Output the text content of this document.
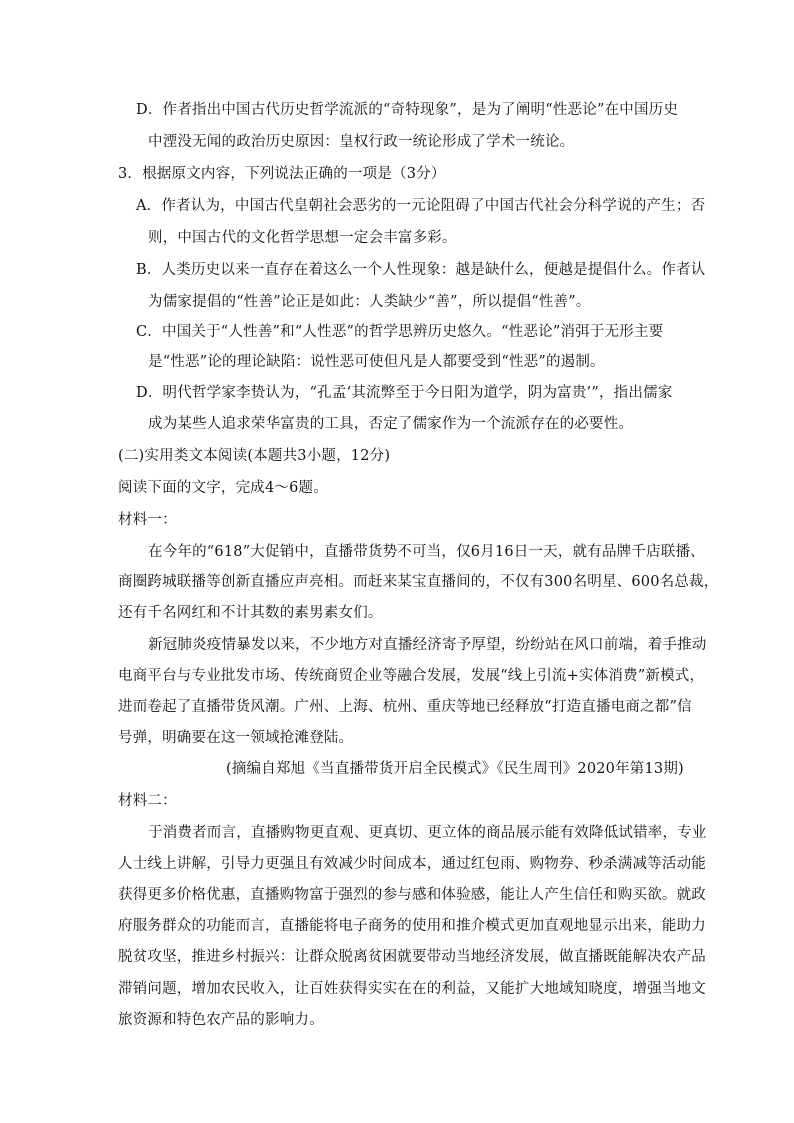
D．作者指出中国古代历史哲学流派的“奇特现象”，是为了阐明“性恶论”在中国历史
中湮没无闻的政治历史原因：皇权行政一统论形成了学术一统论。
3．根据原文内容，下列说法正确的一项是（3分）
A．作者认为，中国古代皇朝社会恶劣的一元论阻碍了中国古代社会分科学说的产生；否
则，中国古代的文化哲学思想一定会丰富多彩。
B．人类历史以来一直存在着这么一个人性现象：越是缺什么，便越是提倡什么。作者认
为儒家提倡的“性善”论正是如此：人类缺少“善”，所以提倡“性善”。
C．中国关于“人性善”和“人性恶”的哲学思辨历史悠久。“性恶论”消弭于无形主要
是“性恶”论的理论缺陷：说性恶可使但凡是人都要受到“性恶”的遏制。
D．明代哲学家李贽认为，“孔孟‘其流弊至于今日阳为道学，阴为富贵’”，指出儒家
成为某些人追求荣华富贵的工具，否定了儒家作为一个流派存在的必要性。
(二)实用类文本阅读(本题共3小题，12分)
阅读下面的文字，完成4～6题。
材料一：
在今年的“618”大促销中，直播带货势不可当，仅6月16日一天，就有品牌千店联播、
商圈跨城联播等创新直播应声亮相。而赶来某宝直播间的，不仅有300名明星、600名总裁，
还有千名网红和不计其数的素男素女们。
新冠肺炎疫情暴发以来，不少地方对直播经济寄予厚望，纷纷站在风口前端，着手推动
电商平台与专业批发市场、传统商贸企业等融合发展，发展“线上引流+实体消费”新模式，
进而卷起了直播带货风潮。广州、上海、杭州、重庆等地已经释放“打造直播电商之都”信
号弹，明确要在这一领域抢滩登陆。
(摘编自郑旭《当直播带货开启全民模式》《民生周刊》2020年第13期)
材料二：
于消费者而言，直播购物更直观、更真切、更立体的商品展示能有效降低试错率，专业
人士线上讲解，引导力更强且有效减少时间成本，通过红包雨、购物券、秒杀满减等活动能
获得更多价格优惠，直播购物富于强烈的参与感和体验感，能让人产生信任和购买欲。就政
府服务群众的功能而言，直播能将电子商务的使用和推介模式更加直观地显示出来，能助力
脱贫攻坚，推进乡村振兴：让群众脱离贫困就要带动当地经济发展，做直播既能解决农产品
滞销问题，增加农民收入，让百姓获得实实在在的利益，又能扩大地域知晓度，增强当地文
旅资源和特色农产品的影响力。
